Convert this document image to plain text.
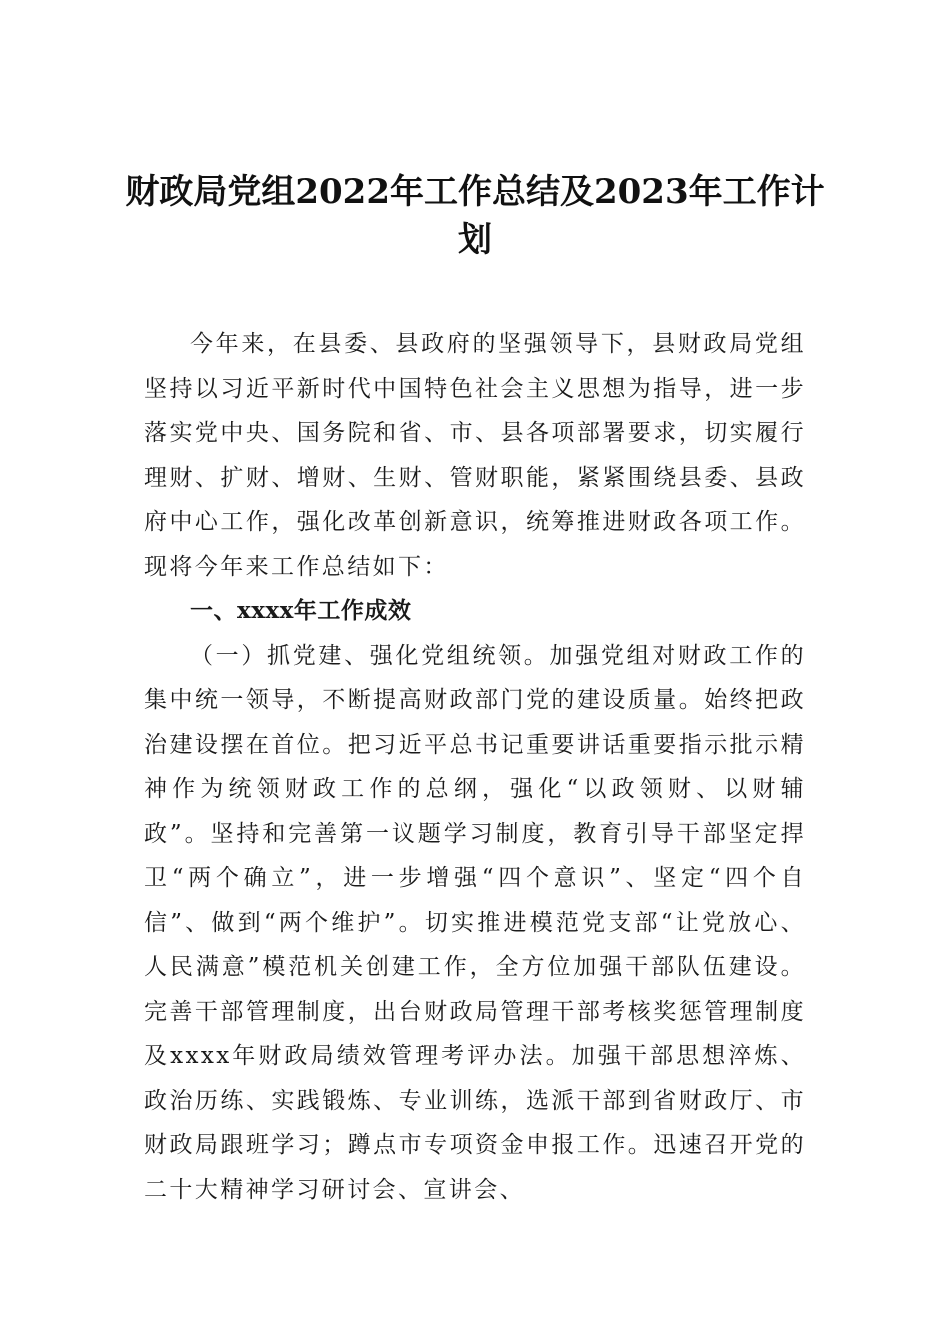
财政局党组2022年工作总结及2023年工作计划

今年来，在县委、县政府的坚强领导下，县财政局党组坚持以习近平新时代中国特色社会主义思想为指导，进一步落实党中央、国务院和省、市、县各项部署要求，切实履行理财、扩财、增财、生财、管财职能，紧紧围绕县委、县政府中心工作，强化改革创新意识，统筹推进财政各项工作。现将今年来工作总结如下：

一、xxxx年工作成效

（一）抓党建、强化党组统领。加强党组对财政工作的集中统一领导，不断提高财政部门党的建设质量。始终把政治建设摆在首位。把习近平总书记重要讲话重要指示批示精神作为统领财政工作的总纲，强化“以政领财、以财辅政”。坚持和完善第一议题学习制度，教育引导干部坚定捍卫“两个确立”，进一步增强“四个意识”、坚定“四个自信”、做到“两个维护”。切实推进模范党支部“让党放心、人民满意”模范机关创建工作，全方位加强干部队伍建设。完善干部管理制度，出台财政局管理干部考核奖惩管理制度及xxxx年财政局绩效管理考评办法。加强干部思想淬炼、政治历练、实践锻炼、专业训练，选派干部到省财政厅、市财政局跟班学习；蹲点市专项资金申报工作。迅速召开党的二十大精神学习研讨会、宣讲会、
